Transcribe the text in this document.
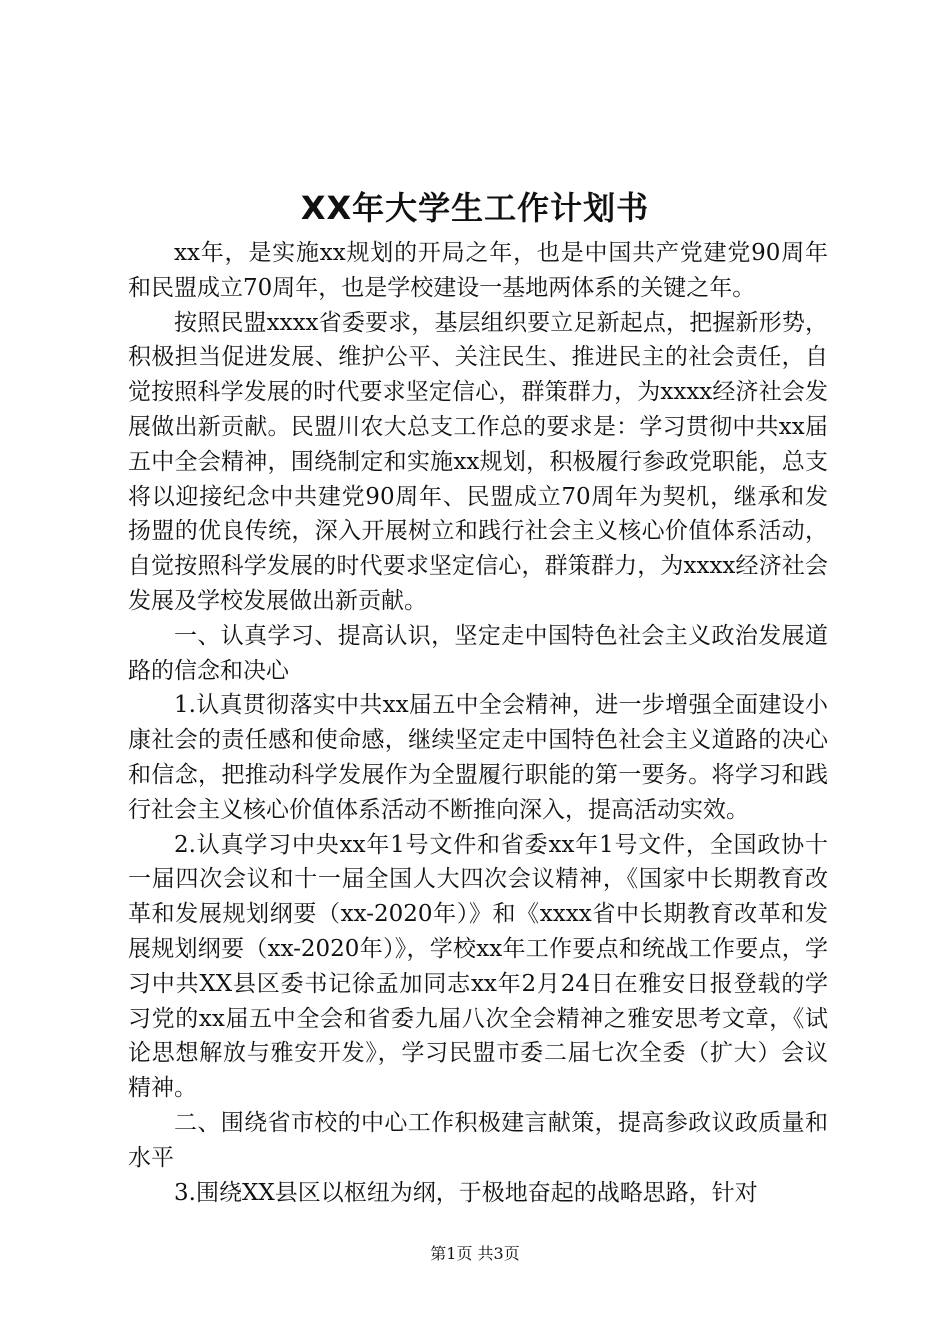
XX年大学生工作计划书

xx年，是实施xx规划的开局之年，也是中国共产党建党90周年和民盟成立70周年，也是学校建设一基地两体系的关键之年。

按照民盟xxxx省委要求，基层组织要立足新起点，把握新形势，积极担当促进发展、维护公平、关注民生、推进民主的社会责任，自觉按照科学发展的时代要求坚定信心，群策群力，为xxxx经济社会发展做出新贡献。民盟川农大总支工作总的要求是：学习贯彻中共xx届五中全会精神，围绕制定和实施xx规划，积极履行参政党职能，总支将以迎接纪念中共建党90周年、民盟成立70周年为契机，继承和发扬盟的优良传统，深入开展树立和践行社会主义核心价值体系活动，自觉按照科学发展的时代要求坚定信心，群策群力，为xxxx经济社会发展及学校发展做出新贡献。

一、认真学习、提高认识，坚定走中国特色社会主义政治发展道路的信念和决心

1.认真贯彻落实中共xx届五中全会精神，进一步增强全面建设小康社会的责任感和使命感，继续坚定走中国特色社会主义道路的决心和信念，把推动科学发展作为全盟履行职能的第一要务。将学习和践行社会主义核心价值体系活动不断推向深入，提高活动实效。

2.认真学习中央xx年1号文件和省委xx年1号文件，全国政协十一届四次会议和十一届全国人大四次会议精神，《国家中长期教育改革和发展规划纲要（xx-2020年）》和《xxxx省中长期教育改革和发展规划纲要（xx-2020年）》，学校xx年工作要点和统战工作要点，学习中共XX县区委书记徐孟加同志xx年2月24日在雅安日报登载的学习党的xx届五中全会和省委九届八次全会精神之雅安思考文章，《试论思想解放与雅安开发》，学习民盟市委二届七次全委（扩大）会议精神。

二、围绕省市校的中心工作积极建言献策，提高参政议政质量和水平

3.围绕XX县区以枢纽为纲，于极地奋起的战略思路，针对

第1页 共3页
